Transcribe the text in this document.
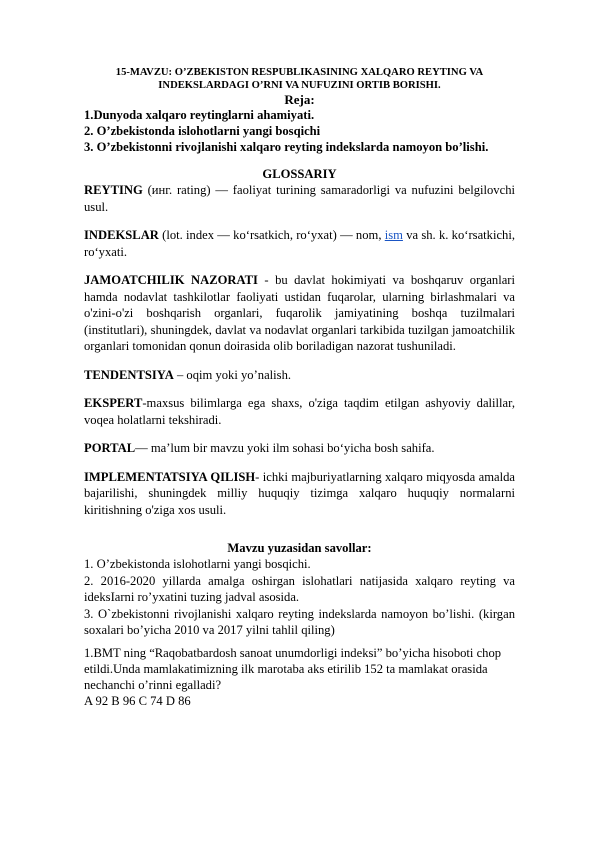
15-MAVZU: O’ZBEKISTON RESPUBLIKASINING XALQARO REYTING VA INDEKSLARDAGI O’RNI VA NUFUZINI ORTIB BORISHI.

Reja:

1.Dunyoda xalqaro reytinglarni ahamiyati.

2. O’zbekistonda islohotlarni yangi bosqichi

3. O’zbekistonni rivojlanishi xalqaro reyting indekslarda namoyon bo’lishi.

GLOSSARIY

REYTING (инг. rating) — faoliyat turining samaradorligi va nufuzini belgilovchi usul.

INDEKSLAR (lot. index — ko‘rsatkich, ro‘yxat) — nom, ism va sh. k. ko‘rsatkichi, ro‘yxati.

JAMOATCHILIK NAZORATI - bu davlat hokimiyati va boshqaruv organlari hamda nodavlat tashkilotlar faoliyati ustidan fuqarolar, ularning birlashmalari va o'zini-o'zi boshqarish organlari, fuqarolik jamiyatining boshqa tuzilmalari (institutlari), shuningdek, davlat va nodavlat organlari tarkibida tuzilgan jamoatchilik organlari tomonidan qonun doirasida olib boriladigan nazorat tushuniladi.

TENDENTSIYA – oqim yoki yo’nalish.

EKSPERT-maxsus bilimlarga ega shaxs, o'ziga taqdim etilgan ashyoviy dalillar, voqea holatlarni tekshiradi.

PORTAL— ma’lum bir mavzu yoki ilm sohasi bo‘yicha bosh sahifa.

IMPLEMENTATSIYA QILISH- ichki majburiyatlarning xalqaro miqyosda amalda bajarilishi, shuningdek milliy huquqiy tizimga xalqaro huquqiy normalarni kiritishning o'ziga xos usuli.

Mavzu yuzasidan savollar:

1. O’zbekistonda islohotlarni yangi bosqichi.

2. 2016-2020 yillarda amalga oshirgan islohatlari natijasida xalqaro reyting va ideksIarni ro’yxatini tuzing jadval asosida.

3. O`zbekistonni rivojlanishi xalqaro reyting indekslarda namoyon bo’lishi. (kirgan soxalari bo’yicha 2010 va 2017 yilni tahlil qiling)

1.BMT ning “Raqobatbardosh sanoat unumdorligi indeksi” bo’yicha hisoboti chop etildi.Unda mamlakatimizning ilk marotaba aks etirilib 152 ta mamlakat orasida nechanchi o’rinni egalladi?

A 92 B 96 C 74 D 86
